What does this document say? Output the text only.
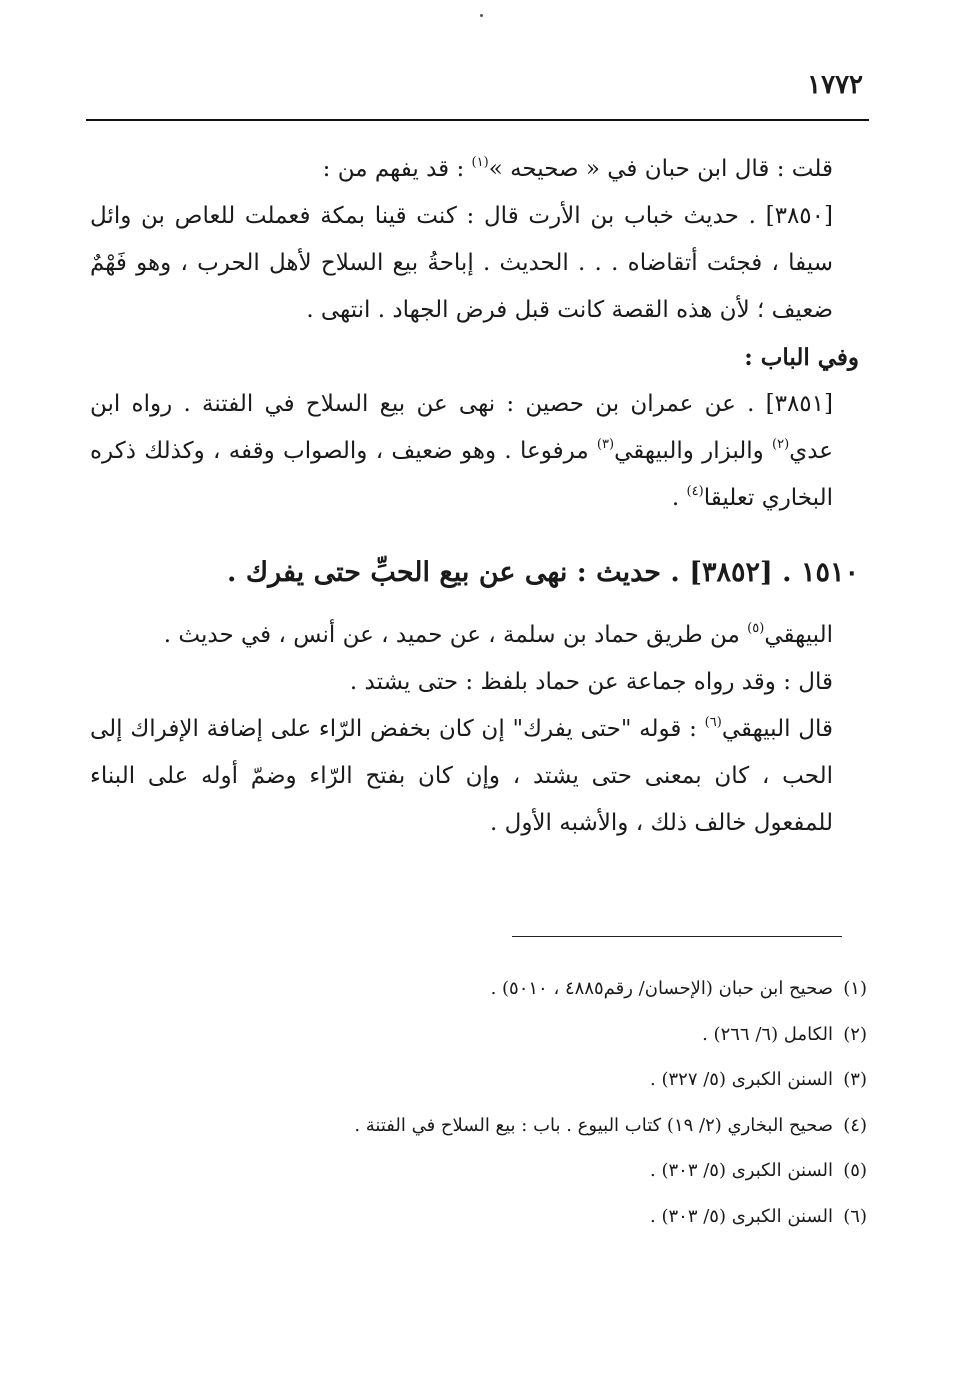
١٧٧٢

قلت : قال ابن حبان في « صحيحه »$^{(١)}$ : قد يفهم من :

[٣٨٥٠] . حديث خباب بن الأرت قال : كنت قينا بمكة فعملت للعاص بن وائل سيفا ، فجئت أتقاضاه . . . الحديث . إباحةُ بيع السلاح لأهل الحرب ، وهو فَهْمٌ ضعيف ؛ لأن هذه القصة كانت قبل فرض الجهاد . انتهى .

وفي الباب :

[٣٨٥١] . عن عمران بن حصين : نهى عن بيع السلاح في الفتنة . رواه ابن عدي$^{(٢)}$ والبزار والبيهقي$^{(٣)}$ مرفوعا . وهو ضعيف ، والصواب وقفه ، وكذلك ذكره البخاري تعليقا$^{(٤)}$ .

١٥١٠ . [٣٨٥٢] . حديث : نهى عن بيع الحبِّ حتى يفرك .

البيهقي$^{(٥)}$ من طريق حماد بن سلمة ، عن حميد ، عن أنس ، في حديث .

قال : وقد رواه جماعة عن حماد بلفظ : حتى يشتد .

قال البيهقي$^{(٦)}$ : قوله "حتى يفرك" إن كان بخفض الرّاء على إضافة الإفراك إلى الحب ، كان بمعنى حتى يشتد ، وإن كان بفتح الرّاء وضمّ أوله على البناء للمفعول خالف ذلك ، والأشبه الأول .

(١)صحيح ابن حبان (الإحسان/ رقم٤٨٨٥ ، ٥٠١٠) .

(٢)الكامل (٦/ ٢٦٦) .

(٣)السنن الكبرى (٥/ ٣٢٧) .

(٤)صحيح البخاري (٢/ ١٩) كتاب البيوع . باب : بيع السلاح في الفتنة .

(٥)السنن الكبرى (٥/ ٣٠٣) .

(٦)السنن الكبرى (٥/ ٣٠٣) .
